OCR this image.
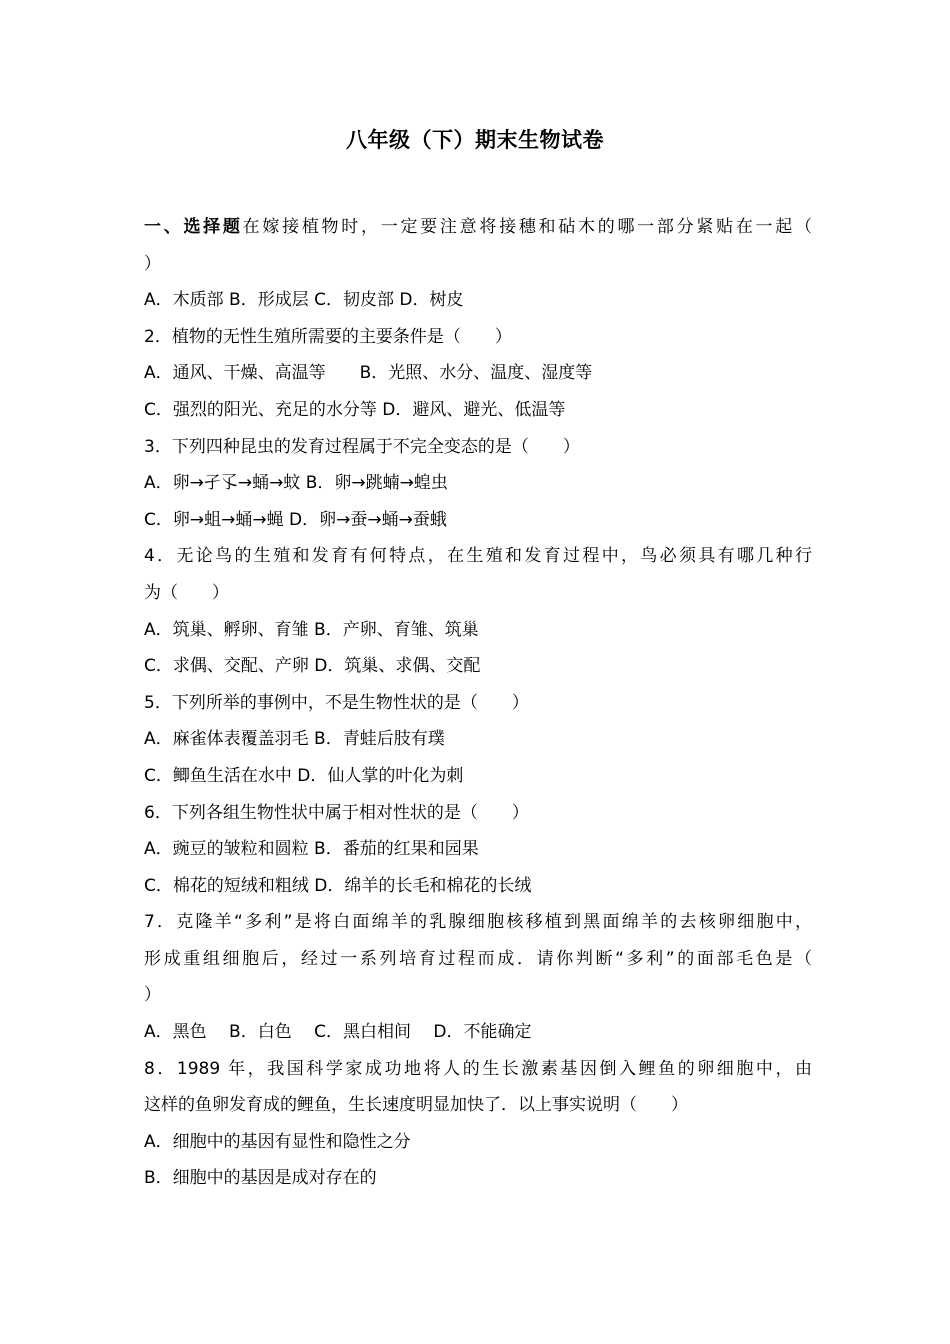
八年级（下）期末生物试卷
一、选择题在嫁接植物时，一定要注意将接穗和砧木的哪一部分紧贴在一起（
）
A．木质部 B．形成层 C．韧皮部 D．树皮
2．植物的无性生殖所需要的主要条件是（　　）
A．通风、干燥、高温等　　B．光照、水分、温度、湿度等
C．强烈的阳光、充足的水分等 D．避风、避光、低温等
3．下列四种昆虫的发育过程属于不完全变态的是（　　）
A．卵→孑孓→蛹→蚊 B．卵→跳蝻→蝗虫
C．卵→蛆→蛹→蝇 D．卵→蚕→蛹→蚕蛾
4．无论鸟的生殖和发育有何特点，在生殖和发育过程中，鸟必须具有哪几种行
为（　　）
A．筑巢、孵卵、育雏 B．产卵、育雏、筑巢
C．求偶、交配、产卵 D．筑巢、求偶、交配
5．下列所举的事例中，不是生物性状的是（　　）
A．麻雀体表覆盖羽毛 B．青蛙后肢有璞
C．鲫鱼生活在水中 D．仙人掌的叶化为刺
6．下列各组生物性状中属于相对性状的是（　　）
A．豌豆的皱粒和圆粒 B．番茄的红果和园果
C．棉花的短绒和粗绒 D．绵羊的长毛和棉花的长绒
7．克隆羊“多利”是将白面绵羊的乳腺细胞核移植到黑面绵羊的去核卵细胞中，
形成重组细胞后，经过一系列培育过程而成．请你判断“多利”的面部毛色是（
）
A．黑色　 B．白色　 C．黑白相间　 D．不能确定
8．1989 年，我国科学家成功地将人的生长激素基因倒入鲤鱼的卵细胞中，由
这样的鱼卵发育成的鲤鱼，生长速度明显加快了．以上事实说明（　　）
A．细胞中的基因有显性和隐性之分
B．细胞中的基因是成对存在的
